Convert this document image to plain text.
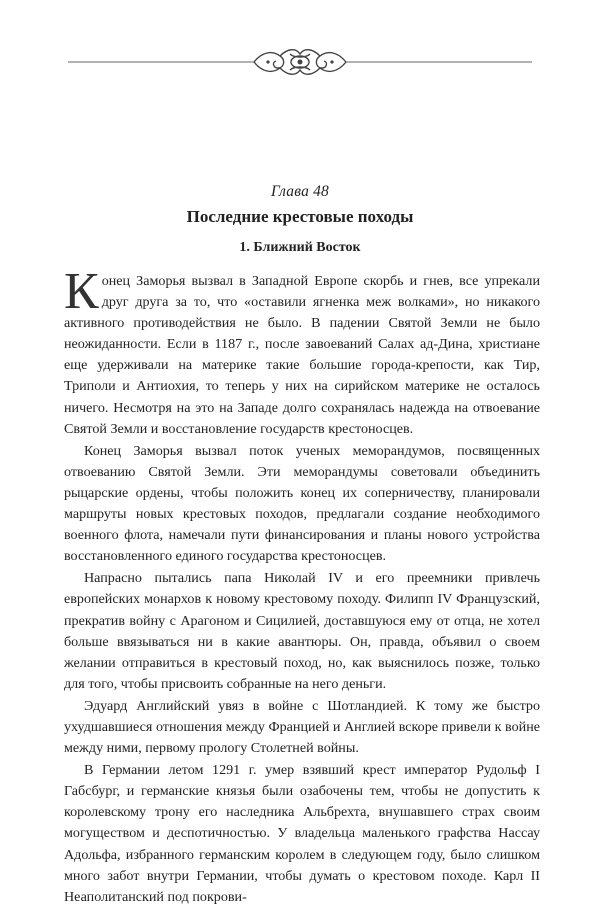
Глава 48
Последние крестовые походы
1. Ближний Восток

Конец Заморья вызвал в Западной Европе скорбь и гнев, все упрекали друг друга за то, что «оставили ягненка меж волками», но никакого активного противодействия не было. В падении Святой Земли не было неожиданности. Если в 1187 г., после завоеваний Салах ад-Дина, христиане еще удерживали на материке такие большие города-крепости, как Тир, Триполи и Антиохия, то теперь у них на сирийском материке не осталось ничего. Несмотря на это на Западе долго сохранялась надежда на отвоевание Святой Земли и восстановление государств крестоносцев.

Конец Заморья вызвал поток ученых меморандумов, посвященных отвоеванию Святой Земли. Эти меморандумы советовали объединить рыцарские ордены, чтобы положить конец их соперничеству, планировали маршруты новых крестовых походов, предлагали создание необходимого военного флота, намечали пути финансирования и планы нового устройства восстановленного единого государства крестоносцев.

Напрасно пытались папа Николай IV и его преемники привлечь европейских монархов к новому крестовому походу. Филипп IV Французский, прекратив войну с Арагоном и Сицилией, доставшуюся ему от отца, не хотел больше ввязываться ни в какие авантюры. Он, правда, объявил о своем желании отправиться в крестовый поход, но, как выяснилось позже, только для того, чтобы присвоить собранные на него деньги.

Эдуард Английский увяз в войне с Шотландией. К тому же быстро ухудшавшиеся отношения между Францией и Англией вскоре привели к войне между ними, первому прологу Столетней войны.

В Германии летом 1291 г. умер взявший крест император Рудольф I Габсбург, и германские князья были озабочены тем, чтобы не допустить к королевскому трону его наследника Альбрехта, внушавшего страх своим могуществом и деспотичностью. У владельца маленького графства Нассау Адольфа, избранного германским королем в следующем году, было слишком много забот внутри Германии, чтобы думать о крестовом походе. Карл II Неаполитанский под покрови-
